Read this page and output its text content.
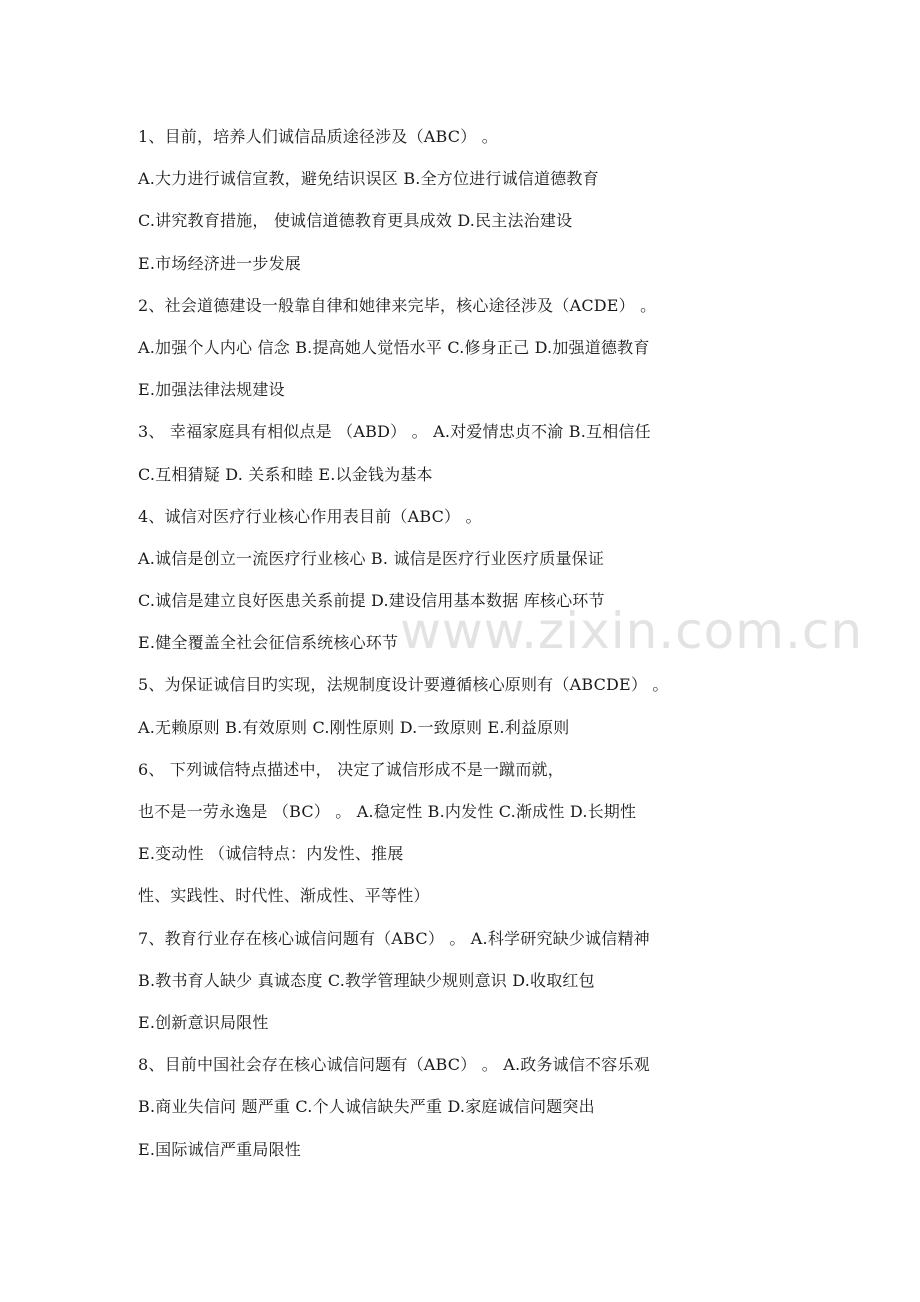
1、目前，培养人们诚信品质途径涉及（ABC） 。
A.大力进行诚信宣教，避免结识误区 B.全方位进行诚信道德教育
C.讲究教育措施， 使诚信道德教育更具成效 D.民主法治建设
E.市场经济进一步发展
2、社会道德建设一般靠自律和她律来完毕，核心途径涉及（ACDE） 。
A.加强个人内心 信念 B.提高她人觉悟水平 C.修身正己 D.加强道德教育
E.加强法律法规建设
3、 幸福家庭具有相似点是 （ABD） 。 A.对爱情忠贞不渝 B.互相信任
C.互相猜疑 D. 关系和睦 E.以金钱为基本
4、诚信对医疗行业核心作用表目前（ABC） 。
A.诚信是创立一流医疗行业核心 B. 诚信是医疗行业医疗质量保证
C.诚信是建立良好医患关系前提 D.建设信用基本数据 库核心环节
E.健全覆盖全社会征信系统核心环节
5、为保证诚信目旳实现，法规制度设计要遵循核心原则有（ABCDE） 。
A.无赖原则 B.有效原则 C.刚性原则 D.一致原则 E.利益原则
6、 下列诚信特点描述中， 决定了诚信形成不是一蹴而就，
也不是一劳永逸是 （BC） 。 A.稳定性 B.内发性 C.渐成性 D.长期性
E.变动性 （诚信特点：内发性、推展
性、实践性、时代性、渐成性、平等性）
7、教育行业存在核心诚信问题有（ABC） 。 A.科学研究缺少诚信精神
B.教书育人缺少 真诚态度 C.教学管理缺少规则意识 D.收取红包
E.创新意识局限性
8、目前中国社会存在核心诚信问题有（ABC） 。 A.政务诚信不容乐观
B.商业失信问 题严重 C.个人诚信缺失严重 D.家庭诚信问题突出
E.国际诚信严重局限性
www.zixin.com.cn
